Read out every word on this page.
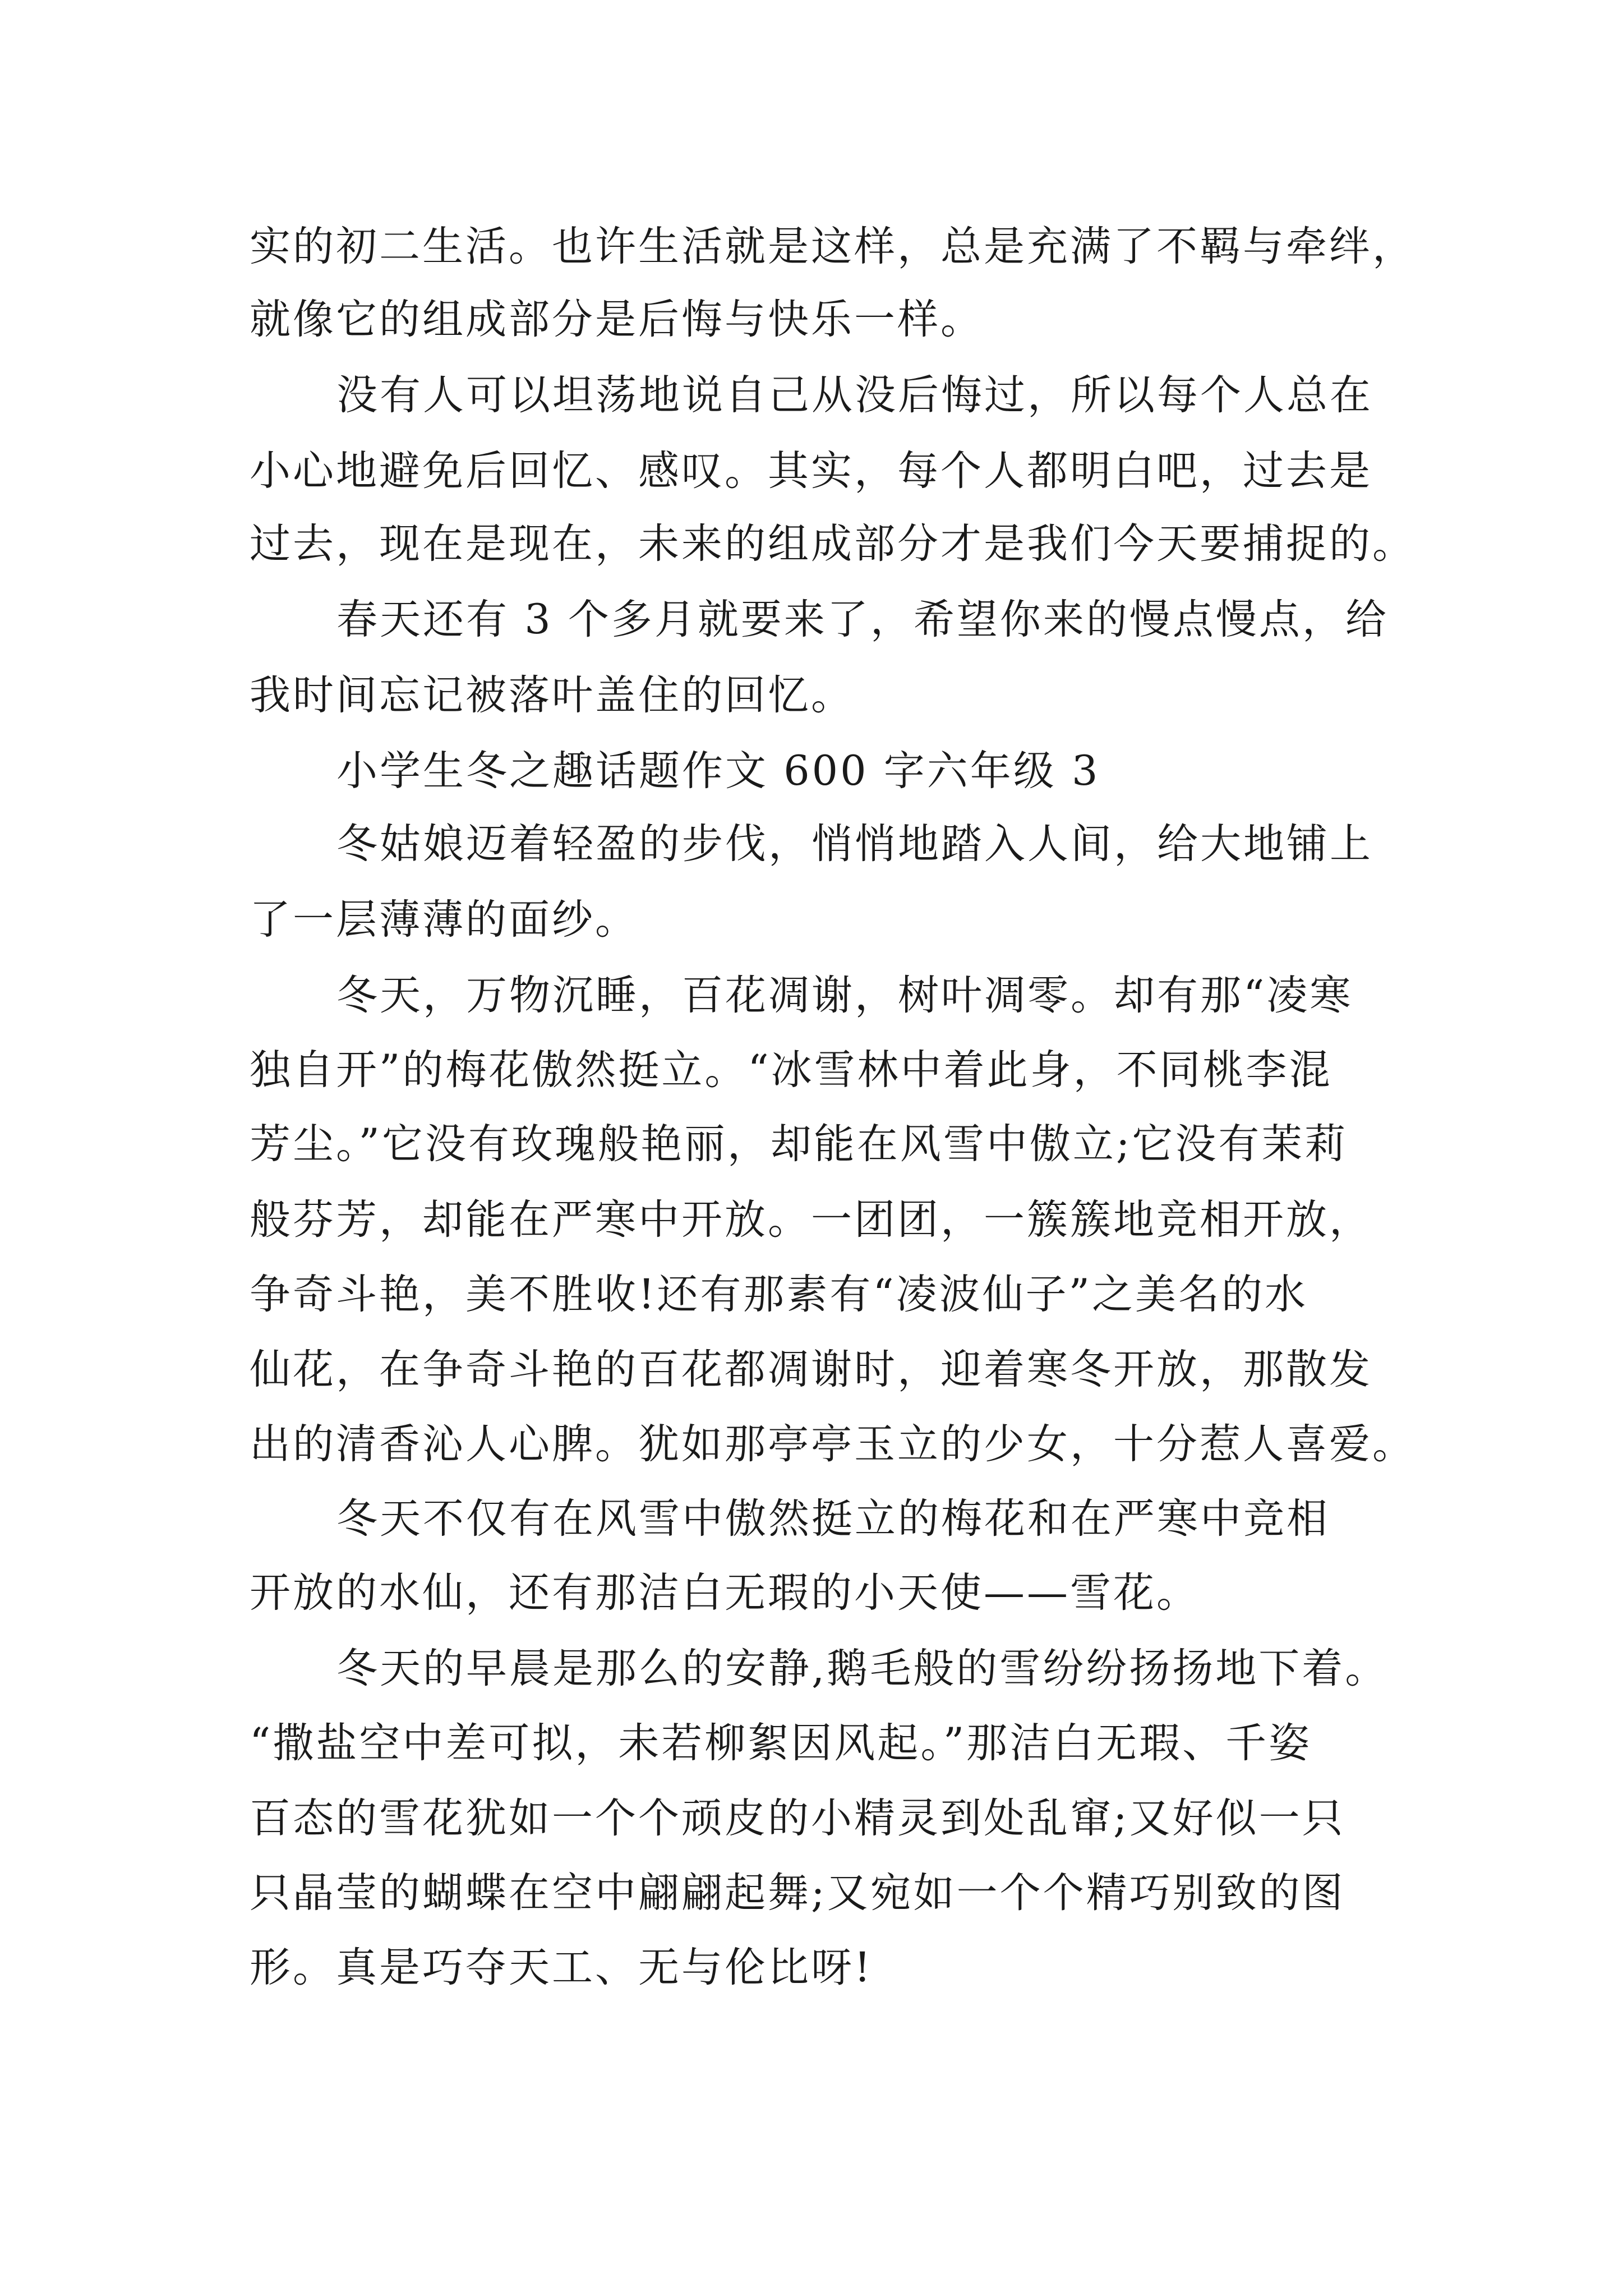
实的初二生活。也许生活就是这样，总是充满了不羁与牵绊，
就像它的组成部分是后悔与快乐一样。
没有人可以坦荡地说自己从没后悔过，所以每个人总在
小心地避免后回忆、感叹。其实，每个人都明白吧，过去是
过去，现在是现在，未来的组成部分才是我们今天要捕捉的。
春天还有 3 个多月就要来了，希望你来的慢点慢点，给
我时间忘记被落叶盖住的回忆。
小学生冬之趣话题作文 600 字六年级 3
冬姑娘迈着轻盈的步伐，悄悄地踏入人间，给大地铺上
了一层薄薄的面纱。
冬天，万物沉睡，百花凋谢，树叶凋零。却有那“凌寒
独自开”的梅花傲然挺立。“冰雪林中着此身，不同桃李混
芳尘。”它没有玫瑰般艳丽，却能在风雪中傲立;它没有茉莉
般芬芳，却能在严寒中开放。一团团，一簇簇地竞相开放，
争奇斗艳，美不胜收!还有那素有“凌波仙子”之美名的水
仙花，在争奇斗艳的百花都凋谢时，迎着寒冬开放，那散发
出的清香沁人心脾。犹如那亭亭玉立的少女，十分惹人喜爱。
冬天不仅有在风雪中傲然挺立的梅花和在严寒中竞相
开放的水仙，还有那洁白无瑕的小天使——雪花。
冬天的早晨是那么的安静,鹅毛般的雪纷纷扬扬地下着。
“撒盐空中差可拟，未若柳絮因风起。”那洁白无瑕、千姿
百态的雪花犹如一个个顽皮的小精灵到处乱窜;又好似一只
只晶莹的蝴蝶在空中翩翩起舞;又宛如一个个精巧别致的图
形。真是巧夺天工、无与伦比呀!
